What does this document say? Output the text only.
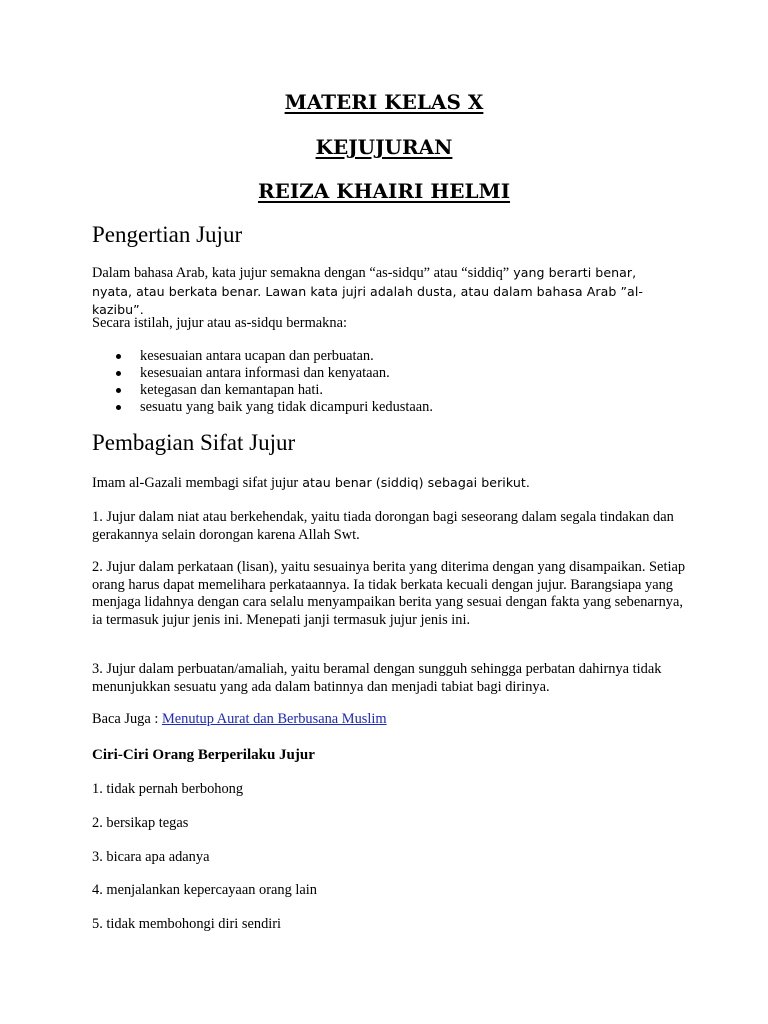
MATERI KELAS X
KEJUJURAN
REIZA KHAIRI HELMI
Pengertian Jujur

Dalam bahasa Arab, kata jujur semakna dengan “as-sidqu” atau “siddiq” yang berarti benar,
nyata, atau berkata benar. Lawan kata jujri adalah dusta, atau dalam bahasa Arab ”al-kazibu”.

Secara istilah, jujur atau as-sidqu bermakna:

kesesuaian antara ucapan dan perbuatan.
kesesuaian antara informasi dan kenyataan.
ketegasan dan kemantapan hati.
sesuatu yang baik yang tidak dicampuri kedustaan.
Pembagian Sifat Jujur

Imam al-Gazali membagi sifat jujur atau benar (siddiq) sebagai berikut.

1. Jujur dalam niat atau berkehendak, yaitu tiada dorongan bagi seseorang dalam segala tindakan dan gerakannya selain dorongan karena Allah Swt.

2. Jujur dalam perkataan (lisan), yaitu sesuainya berita yang diterima dengan yang disampaikan. Setiap orang harus dapat memelihara perkataannya. Ia tidak berkata kecuali dengan jujur. Barangsiapa yang menjaga lidahnya dengan cara selalu menyampaikan berita yang sesuai dengan fakta yang sebenarnya, ia termasuk jujur jenis ini. Menepati janji termasuk jujur jenis ini.

3. Jujur dalam perbuatan/amaliah, yaitu beramal dengan sungguh sehingga perbatan dahirnya tidak menunjukkan sesuatu yang ada dalam batinnya dan menjadi tabiat bagi dirinya.

Baca Juga : Menutup Aurat dan Berbusana Muslim

Ciri-Ciri Orang Berperilaku Jujur

1. tidak pernah berbohong

2. bersikap tegas

3. bicara apa adanya

4. menjalankan kepercayaan orang lain

5. tidak membohongi diri sendiri
